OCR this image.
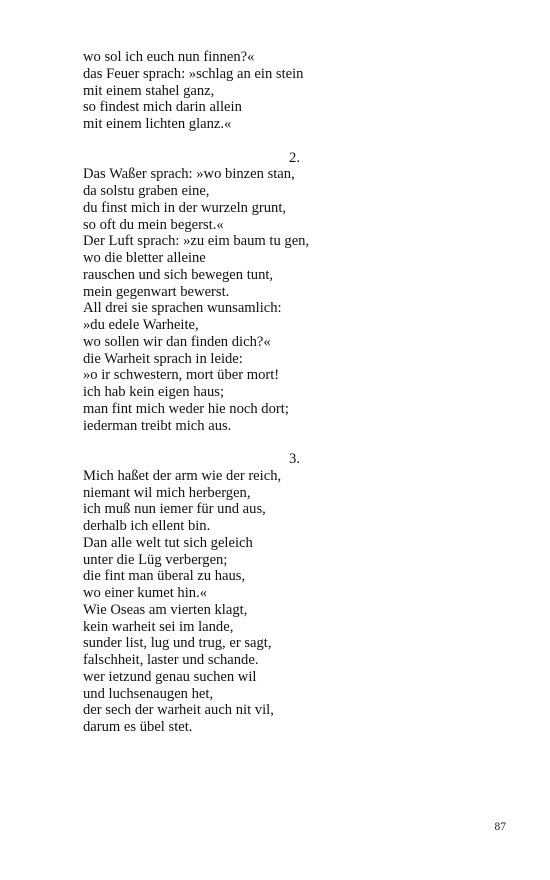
wo sol ich euch nun finnen?«
das Feuer sprach: »schlag an ein stein
mit einem stahel ganz,
so findest mich darin allein
mit einem lichten glanz.«
2.
Das Waßer sprach: »wo binzen stan,
da solstu graben eine,
du finst mich in der wurzeln grunt,
so oft du mein begerst.«
Der Luft sprach: »zu eim baum tu gen,
wo die bletter alleine
rauschen und sich bewegen tunt,
mein gegenwart bewerst.
All drei sie sprachen wunsamlich:
»du edele Warheite,
wo sollen wir dan finden dich?«
die Warheit sprach in leide:
»o ir schwestern, mort über mort!
ich hab kein eigen haus;
man fint mich weder hie noch dort;
iederman treibt mich aus.
3.
Mich haßet der arm wie der reich,
niemant wil mich herbergen,
ich muß nun iemer für und aus,
derhalb ich ellent bin.
Dan alle welt tut sich geleich
unter die Lüg verbergen;
die fint man überal zu haus,
wo einer kumet hin.«
Wie Oseas am vierten klagt,
kein warheit sei im lande,
sunder list, lug und trug, er sagt,
falschheit, laster und schande.
wer ietzund genau suchen wil
und luchsenaugen het,
der sech der warheit auch nit vil,
darum es übel stet.
87
